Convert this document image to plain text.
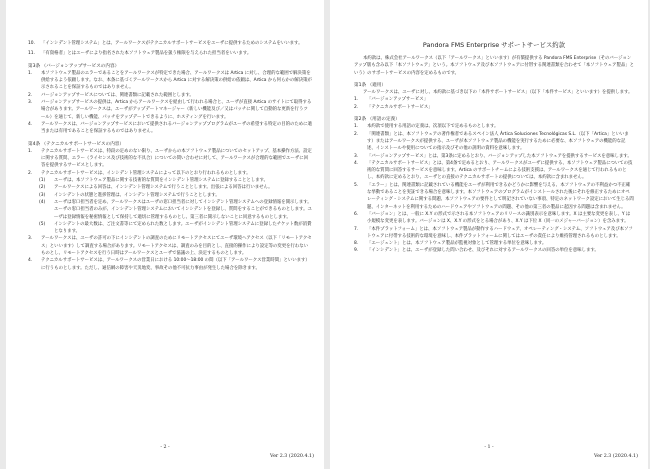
10. 「インシデント管理システム」とは、アールワークスがテクニカルサポートサービスをユーザに提供するためのシステムをいいます。
11. 「有資格者」とはユーザにより指名された本ソフトウェア製品を扱う権限を与えられた担当者をいいます。
第3条 （バージョンアップサービスの内容）
1. 本ソフトウェア製品のエラーであることをアールワークスが特定できた場合、アールワークスは Artica に対し、合理的な範囲で解決策を供給するよう依頼します。なお、本条に基づくアールワークスから Artica に対する解決策の供給の依頼は、Artica から何らかの解決策が示されることを保証するものではありません。
2. バージョンアップサービスについては、関連書類に記載された範囲とします。
3. バージョンアップサービスの提供は、Artica からアールワークスを経由して行われる場合と、ユーザが直接 Artica のサイトにて取得する場合があります。アールワークスは、ユーザがアップデートマネージャー（新しい機能及び／又はパッチに関して自動的な更新を行うツール）を通じて、新しい機能、パッチをアップデートできるように、ホスティングを行います。
4. アールワークスは、バージョンアップサービスにおいて提供されるバージョンアッププログラムがユーザの希望する特定の目的のために適当または有用であることを保証するものではありません。
第4条 （テクニカルサポートサービスの内容）
1. テクニカルサポートサービスは、特段の定めのない限り、ユーザからの本ソフトウェア製品についてのセットアップ、基本操作方法、設定に関する質問、エラー（ライセンス及び技術的な不具合）についての問い合わせに対して、アールワークスが合理的な範囲でユーザに回答を提供するサービスとします。
2. テクニカルサポートサービスは、インシデント管理システムによって以下のとおり行われるものとします。
(1) ユーザは、本ソフトウェア製品に関する技術的な質問をインシデント管理システムに登録することとします。
(2) アールワークスによる回答は、インシデント管理システムで行うこととします。出張による回答は行いません。
(3) インシデントの状態と進捗管理は、インシデント管理システムで行うこととします。
(4) ユーザは窓口担当者を定め、アールワークスはユーザの窓口担当者に対してインシデント管理システムへの登録情報を開示します。ユーザの窓口担当者のみが、インシデント管理システムにおいてインシデントを登録し、質問をすることができるものとします。ユーザは登録情報を秘密情報として保持して適切に管理するものとし、第三者に開示しないことに同意するものとします。
(5) インシデントの最大数は、ご注文書等にて定められた数とします。ユーザがインシデント管理システムに登録したチケット数が消費となります。
3. アールワークスは、ユーザの許可の下にインシデントの調査のためにリモートアクセスにてユーザ環境へアクセス（以下「リモートアクセス」といいます）して調査する場合があります。リモートアクセスは、調査のみを目的とし、直接的操作により設定等の変更を行わないものとし、リモートアクセスを行う日時はアールワークスとユーザで協議の上、決定するものとします。
4. テクニカルサポートサービスは、アールワークスの営業日における 10:00〜18:00 の間（以下「アールワークス営業時間」といいます）に行うものとします。ただし、通信網の障害や天災地変、事故その他不可抗力事由が発生した場合を除きます。
- 2 -
Ver 2.3 (2020.4.1)
Pandora FMS Enterprise サポートサービス約款
本約款は、株式会社アールワークス（以下「アールワークス」といいます）が有償提供する Pandora FMS Enterprise（そのバージョンアップ版も含み以下「本ソフトウェア」という。本ソフトウェア及び本ソフトウェアに付帯する関連書類を合わせて「本ソフトウェア製品」という）のサポートサービスの内容を定めるものです。
第1条 （適用）
アールワークスは、ユーザに対し、本約款に基づき以下の「本件サポートサービス」（以下「本件サービス」といいます）を提供します。
1. 「バージョンアップサービス」
2. 「テクニカルサポートサービス」
第2条 （用語の定義）
1. 本約款で使用する用語の定義は、次項以下で定めるものとします。
2. 「関連書類」とは、本ソフトウェアの著作権者であるスペイン法人 Ártica Soluciones Tecnológicas S.L.（以下「Artica」といいます）またはアールワークスが提供する、ユーザが本ソフトウェア製品の機能を実行するために必要な、本ソフトウェアの機能的な記述、インストールや使用についての指示及びその他の説明の資料を意味します。
3. 「バージョンアップサービス」とは、第3条に定めるとおり、バージョンアップした本ソフトウェアを提供するサービスを意味します。
4. 「テクニカルサポートサービス」とは、第4条で定めるとおり、アールワークスがユーザに提供する、本ソフトウェア製品についての技術的な質問に回答するサービスを意味します。Artica のサポートチームによる技術支援は、アールワークスを通じて行われるものとし、本約款に定めるとおり、ユーザとの直接のテクニカルサポートの提供については、本約款に含まれません。
5. 「エラー」とは、関連書類に記載されている機能をユーザが利用できるかどうかに影響を与える、本ソフトウェアの不利益かつ不正確な挙動であることを実証できる場合を意味します。本ソフトウェアのプログラムがインストールされた後にそれを修正するためにオペレーティング・システムに関する問題、本ソフトウェアの要件として明記されていない事項、特定のネットワーク設定において生じる問題、インターネットを利用するためのハードウェアやソフトウェアの問題、その他の第三者の製品に起因する問題は含まれません。
6. 「バージョン」とは、一般に X.Y の形式で示される本ソフトウェアのリリースの識別表示を意味します。X は主要な変更を表し、Y は小規模な変更を表します。バージョンは X、X.Y の形式をとる場合があり、X.Y は下位 X（同一のメジャーバージョン）を含みます。
7. 「本件プラットフォーム」とは、本ソフトウェア製品が動作するハードウェア、オペレーティング・システム、ソフトウェア及び本ソフトウェアに付帯する技術的な環境を意味し、本件プラットフォームに関してはユーザの責任により維持管理されるものとします。
8. 「エージェント」とは、本ソフトウェア製品が監視対象として管理する単位を意味します。
9. 「インシデント」とは、ユーザが登録した問い合わせ、及びそれに対するアールワークスの回答の単位を意味します。
- 1 -
Ver 2.3 (2020.4.1)
